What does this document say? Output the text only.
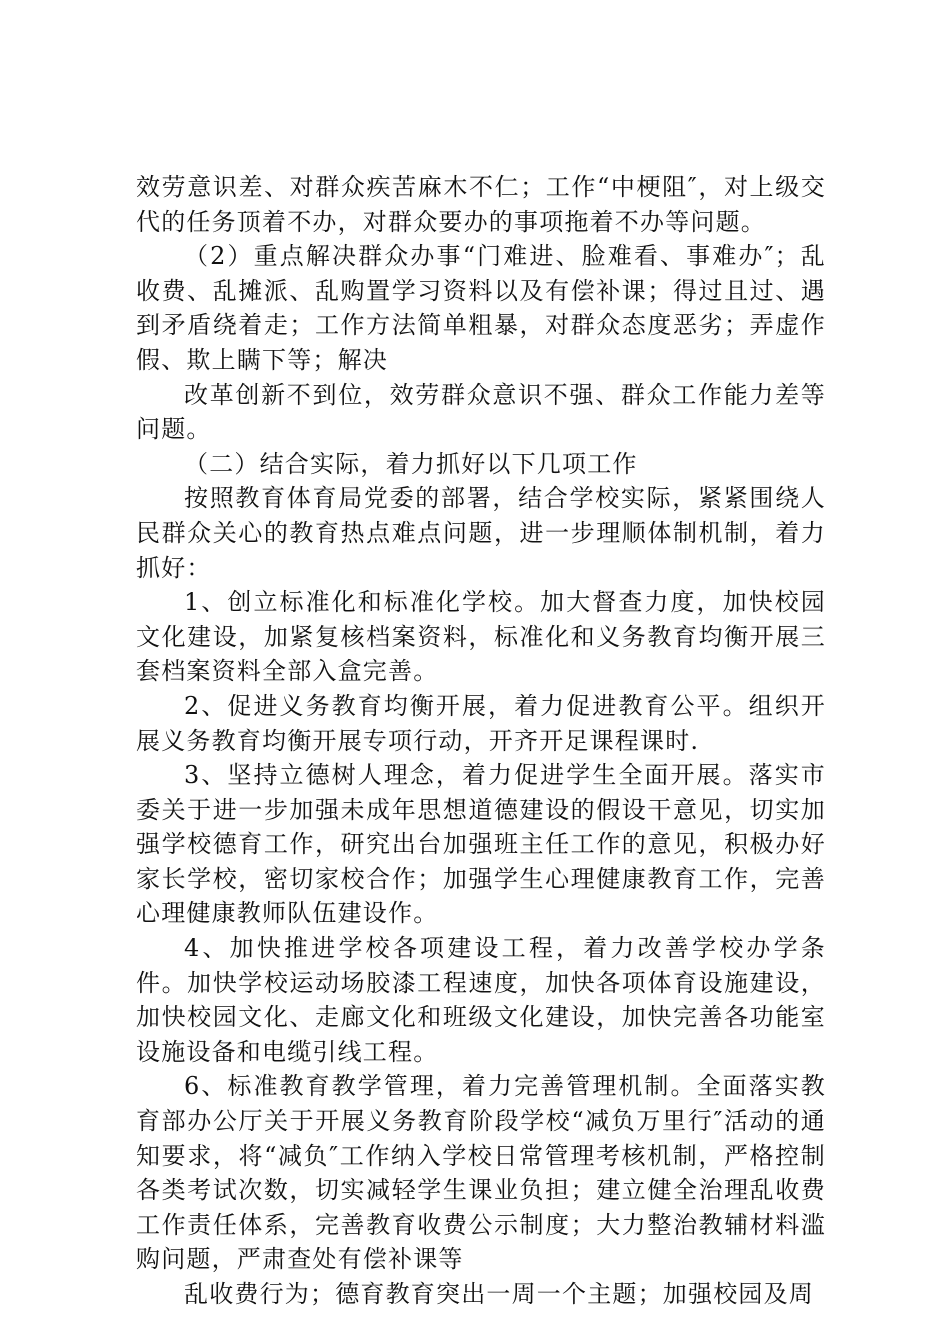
效劳意识差、对群众疾苦麻木不仁；工作“中梗阻″，对上级交代的任务顶着不办，对群众要办的事项拖着不办等问题。

（2）重点解决群众办事“门难进、脸难看、事难办″；乱收费、乱摊派、乱购置学习资料以及有偿补课；得过且过、遇到矛盾绕着走；工作方法简单粗暴，对群众态度恶劣；弄虚作假、欺上瞒下等；解决

改革创新不到位，效劳群众意识不强、群众工作能力差等问题。

（二）结合实际，着力抓好以下几项工作

按照教育体育局党委的部署，结合学校实际，紧紧围绕人民群众关心的教育热点难点问题，进一步理顺体制机制，着力抓好：

1、创立标准化和标准化学校。加大督查力度，加快校园文化建设，加紧复核档案资料，标准化和义务教育均衡开展三套档案资料全部入盒完善。

2、促进义务教育均衡开展，着力促进教育公平。组织开展义务教育均衡开展专项行动，开齐开足课程课时.

3、坚持立德树人理念，着力促进学生全面开展。落实市委关于进一步加强未成年思想道德建设的假设干意见，切实加强学校德育工作，研究出台加强班主任工作的意见，积极办好家长学校，密切家校合作；加强学生心理健康教育工作，完善心理健康教师队伍建设作。

4、加快推进学校各项建设工程，着力改善学校办学条件。加快学校运动场胶漆工程速度，加快各项体育设施建设，加快校园文化、走廊文化和班级文化建设，加快完善各功能室设施设备和电缆引线工程。

6、标准教育教学管理，着力完善管理机制。全面落实教育部办公厅关于开展义务教育阶段学校“减负万里行″活动的通知要求，将“减负″工作纳入学校日常管理考核机制，严格控制各类考试次数，切实减轻学生课业负担；建立健全治理乱收费工作责任体系，完善教育收费公示制度；大力整治教辅材料滥购问题，严肃查处有偿补课等

乱收费行为；德育教育突出一周一个主题；加强校园及周
